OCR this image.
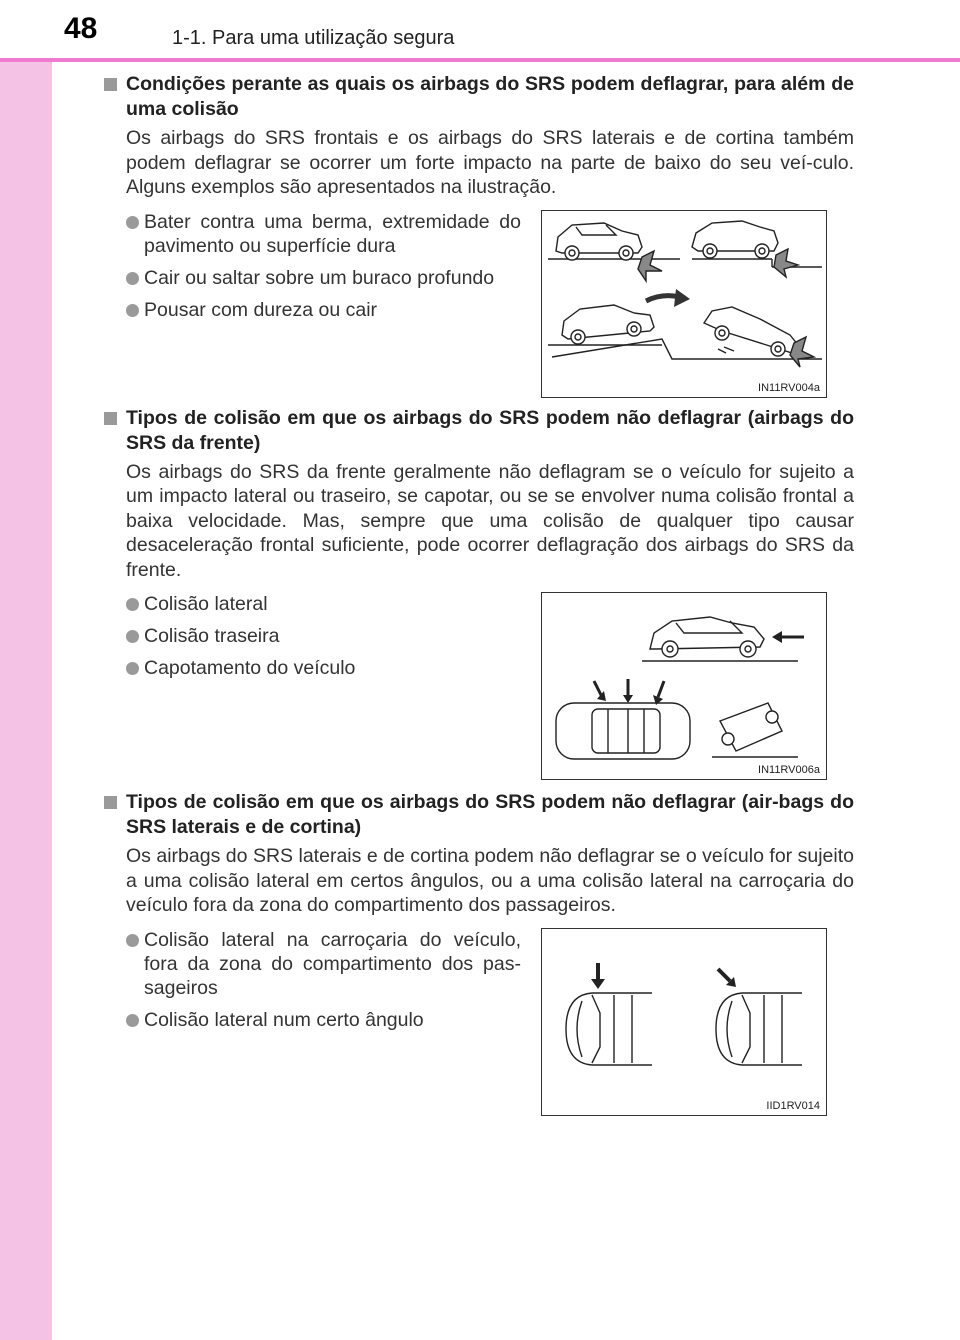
48	1-1. Para uma utilização segura
Condições perante as quais os airbags do SRS podem deflagrar, para além de uma colisão
Os airbags do SRS frontais e os airbags do SRS laterais e de cortina também podem deflagrar se ocorrer um forte impacto na parte de baixo do seu veí-culo. Alguns exemplos são apresentados na ilustração.
Bater contra uma berma, extremidade do pavimento ou superfície dura
Cair ou saltar sobre um buraco profundo
Pousar com dureza ou cair
IN11RV004a
Tipos de colisão em que os airbags do SRS podem não deflagrar (airbags do SRS da frente)
Os airbags do SRS da frente geralmente não deflagram se o veículo for sujeito a um impacto lateral ou traseiro, se capotar, ou se se envolver numa colisão frontal a baixa velocidade. Mas, sempre que uma colisão de qualquer tipo causar desaceleração frontal suficiente, pode ocorrer deflagração dos airbags do SRS da frente.
Colisão lateral
Colisão traseira
Capotamento do veículo
IN11RV006a
Tipos de colisão em que os airbags do SRS podem não deflagrar (air-bags do SRS laterais e de cortina)
Os airbags do SRS laterais e de cortina podem não deflagrar se o veículo for sujeito a uma colisão lateral em certos ângulos, ou a uma colisão lateral na carroçaria do veículo fora da zona do compartimento dos passageiros.
Colisão lateral na carroçaria do veículo, fora da zona do compartimento dos pas-sageiros
Colisão lateral num certo ângulo
IID1RV014
